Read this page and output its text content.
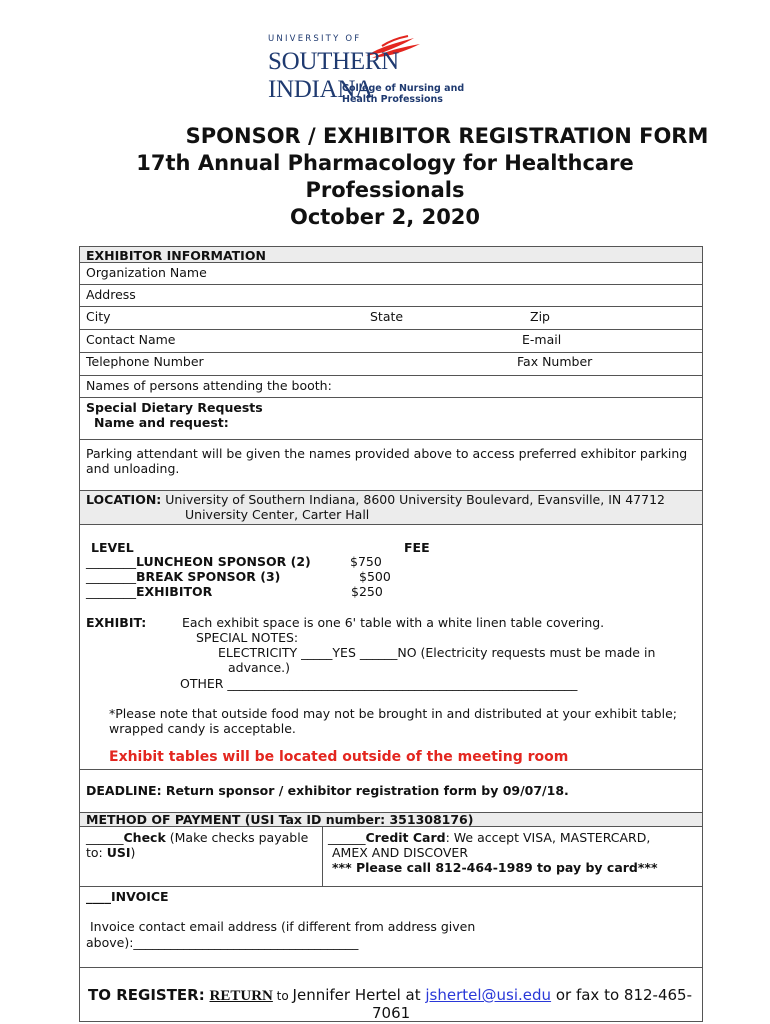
UNIVERSITY OF
SOUTHERN INDIANA
College of Nursing and
Health Professions
SPONSOR / EXHIBITOR REGISTRATION FORM
17th Annual Pharmacology for Healthcare
Professionals
October 2, 2020
EXHIBITOR INFORMATION
Organization Name
Address
City	State	Zip
Contact Name	E-mail
Telephone Number	Fax Number
Names of persons attending the booth:
Special Dietary Requests
Name and request:
Parking attendant will be given the names provided above to access preferred exhibitor parking
and unloading.
LOCATION: University of Southern Indiana, 8600 University Boulevard, Evansville, IN 47712
University Center, Carter Hall
LEVEL	FEE
________LUNCHEON SPONSOR (2)	$750
________BREAK SPONSOR (3)	$500
________EXHIBITOR	$250
EXHIBIT:	Each exhibit space is one 6' table with a white linen table covering.
SPECIAL NOTES:
ELECTRICITY _____YES ______NO (Electricity requests must be made in
advance.)
OTHER ________________________________________________________
*Please note that outside food may not be brought in and distributed at your exhibit table;
wrapped candy is acceptable.
Exhibit tables will be located outside of the meeting room
DEADLINE: Return sponsor / exhibitor registration form by 09/07/18.
METHOD OF PAYMENT (USI Tax ID number: 351308176)
______Check (Make checks payable
to: USI)
______Credit Card: We accept VISA, MASTERCARD,
AMEX AND DISCOVER
*** Please call 812-464-1989 to pay by card***
____INVOICE
Invoice contact email address (if different from address given
above):____________________________________
TO REGISTER: RETURN to Jennifer Hertel at jshertel@usi.edu or fax to 812-465-
7061
